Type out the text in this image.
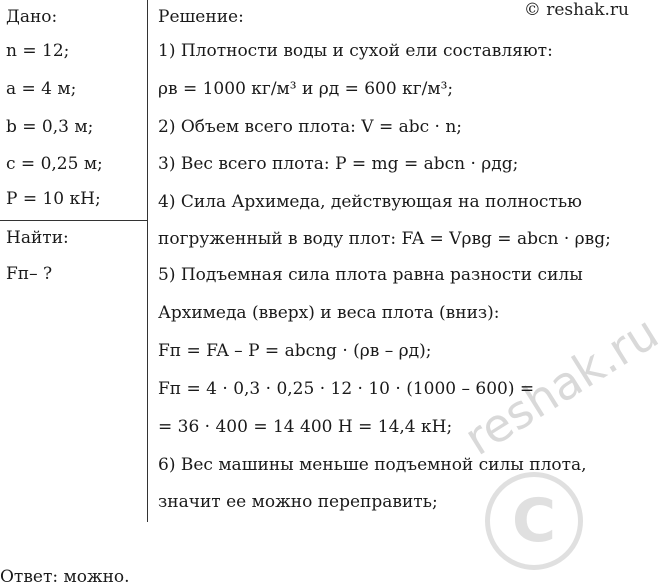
reshak.ru
C
© reshak.ru
Дано:
n = 12;
a = 4 м;
b = 0,3 м;
c = 0,25 м;
P = 10 кН;
Найти:
Fп– ?
Решение:
1) Плотности воды и сухой ели составляют:
ρв = 1000 кг/м³ и ρд = 600 кг/м³;
2) Объем всего плота: V = abc · n;
3) Вес всего плота: P = mg = abcn · ρдg;
4) Сила Архимеда, действующая на полностью
погруженный в воду плот: FA = Vρвg = abcn · ρвg;
5) Подъемная сила плота равна разности силы
Архимеда (вверх) и веса плота (вниз):
Fп = FA – P = abcng · (ρв – ρд);
Fп = 4 · 0,3 · 0,25 · 12 · 10 · (1000 – 600) =
= 36 · 400 = 14 400 Н = 14,4 кН;
6) Вес машины меньше подъемной силы плота,
значит ее можно переправить;
Ответ: можно.
